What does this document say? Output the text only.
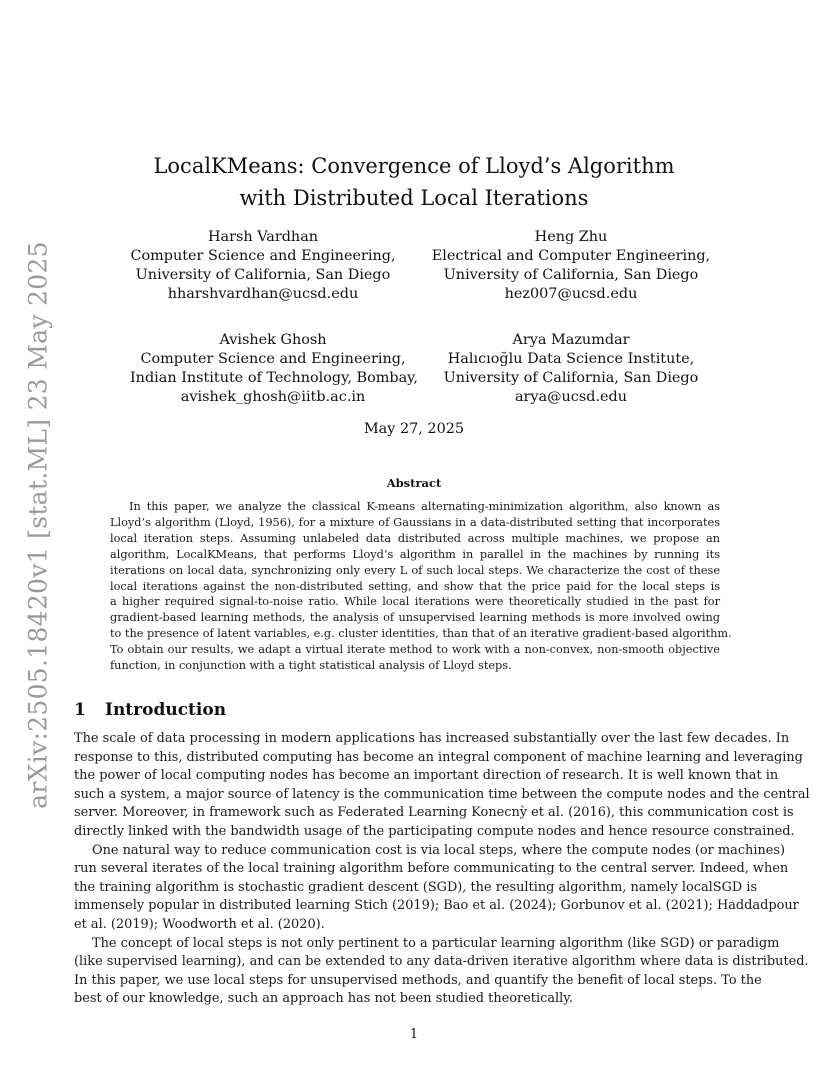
arXiv:2505.18420v1 [stat.ML] 23 May 2025
LocalKMeans: Convergence of Lloyd’s Algorithm
with Distributed Local Iterations
Harsh Vardhan
Computer Science and Engineering,
University of California, San Diego
hharshvardhan@ucsd.edu
Heng Zhu
Electrical and Computer Engineering,
University of California, San Diego
hez007@ucsd.edu
Avishek Ghosh
Computer Science and Engineering,
Indian Institute of Technology, Bombay,
avishek_ghosh@iitb.ac.in
Arya Mazumdar
Halıcıoğlu Data Science Institute,
University of California, San Diego
arya@ucsd.edu
May 27, 2025
Abstract
In this paper, we analyze the classical K-means alternating-minimization algorithm, also known as
Lloyd’s algorithm (Lloyd, 1956), for a mixture of Gaussians in a data-distributed setting that incorporates
local iteration steps. Assuming unlabeled data distributed across multiple machines, we propose an
algorithm, LocalKMeans, that performs Lloyd’s algorithm in parallel in the machines by running its
iterations on local data, synchronizing only every L of such local steps. We characterize the cost of these
local iterations against the non-distributed setting, and show that the price paid for the local steps is
a higher required signal-to-noise ratio. While local iterations were theoretically studied in the past for
gradient-based learning methods, the analysis of unsupervised learning methods is more involved owing
to the presence of latent variables, e.g. cluster identities, than that of an iterative gradient-based algorithm.
To obtain our results, we adapt a virtual iterate method to work with a non-convex, non-smooth objective
function, in conjunction with a tight statistical analysis of Lloyd steps.
1 Introduction
The scale of data processing in modern applications has increased substantially over the last few decades. In
response to this, distributed computing has become an integral component of machine learning and leveraging
the power of local computing nodes has become an important direction of research. It is well known that in
such a system, a major source of latency is the communication time between the compute nodes and the central
server. Moreover, in framework such as Federated Learning Konecnỳ et al. (2016), this communication cost is
directly linked with the bandwidth usage of the participating compute nodes and hence resource constrained.
One natural way to reduce communication cost is via local steps, where the compute nodes (or machines)
run several iterates of the local training algorithm before communicating to the central server. Indeed, when
the training algorithm is stochastic gradient descent (SGD), the resulting algorithm, namely localSGD is
immensely popular in distributed learning Stich (2019); Bao et al. (2024); Gorbunov et al. (2021); Haddadpour
et al. (2019); Woodworth et al. (2020).
The concept of local steps is not only pertinent to a particular learning algorithm (like SGD) or paradigm
(like supervised learning), and can be extended to any data-driven iterative algorithm where data is distributed.
In this paper, we use local steps for unsupervised methods, and quantify the benefit of local steps. To the
best of our knowledge, such an approach has not been studied theoretically.
1
